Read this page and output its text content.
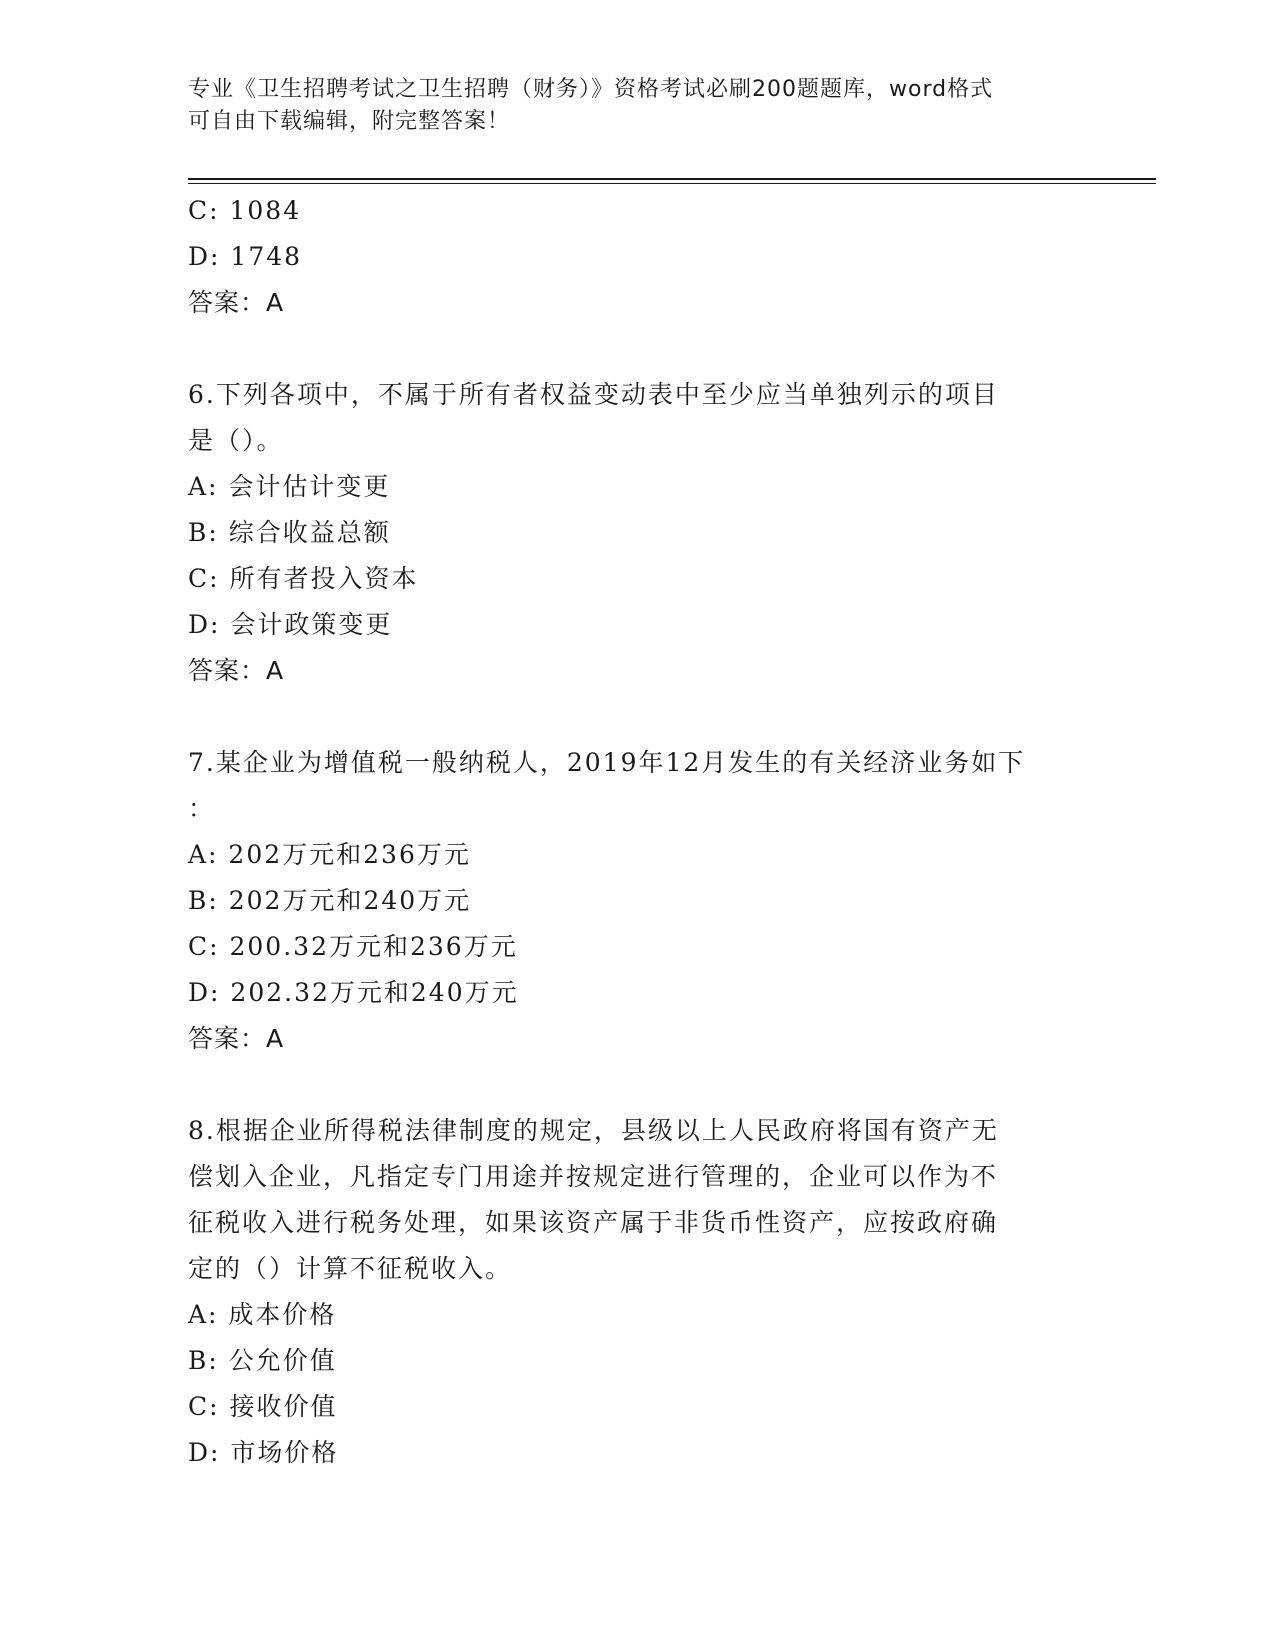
专业《卫生招聘考试之卫生招聘（财务）》资格考试必刷200题题库，word格式
可自由下载编辑，附完整答案！
C: 1084
D: 1748
答案：A
6.下列各项中，不属于所有者权益变动表中至少应当单独列示的项目
是（）。
A: 会计估计变更
B: 综合收益总额
C: 所有者投入资本
D: 会计政策变更
答案：A
7.某企业为增值税一般纳税人，2019年12月发生的有关经济业务如下
：
A: 202万元和236万元
B: 202万元和240万元
C: 200.32万元和236万元
D: 202.32万元和240万元
答案：A
8.根据企业所得税法律制度的规定，县级以上人民政府将国有资产无
偿划入企业，凡指定专门用途并按规定进行管理的，企业可以作为不
征税收入进行税务处理，如果该资产属于非货币性资产，应按政府确
定的（）计算不征税收入。
A: 成本价格
B: 公允价值
C: 接收价值
D: 市场价格
